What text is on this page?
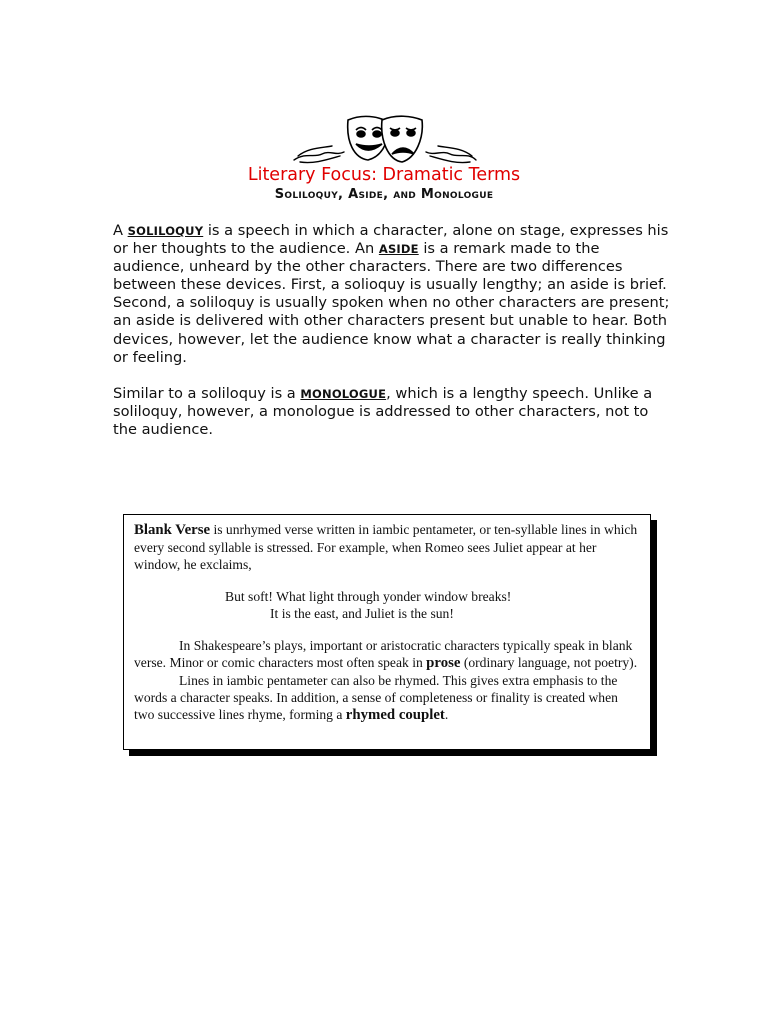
Literary Focus: Dramatic Terms
Soliloquy, Aside, and Monologue

A SOLILOQUY is a speech in which a character, alone on stage, expresses his or her thoughts to the audience. An ASIDE is a remark made to the audience, unheard by the other characters. There are two differences between these devices. First, a solioquy is usually lengthy; an aside is brief. Second, a soliloquy is usually spoken when no other characters are present; an aside is delivered with other characters present but unable to hear. Both devices, however, let the audience know what a character is really thinking or feeling.

Similar to a soliloquy is a MONOLOGUE, which is a lengthy speech. Unlike a soliloquy, however, a monologue is addressed to other characters, not to the audience.

Blank Verse is unrhymed verse written in iambic pentameter, or ten-syllable lines in which every second syllable is stressed. For example, when Romeo sees Juliet appear at her window, he exclaims,

But soft! What light through yonder window breaks!

It is the east, and Juliet is the sun!

In Shakespeare’s plays, important or aristocratic characters typically speak in blank verse. Minor or comic characters most often speak in prose (ordinary language, not poetry).

Lines in iambic pentameter can also be rhymed. This gives extra emphasis to the words a character speaks. In addition, a sense of completeness or finality is created when two successive lines rhyme, forming a rhymed couplet.
